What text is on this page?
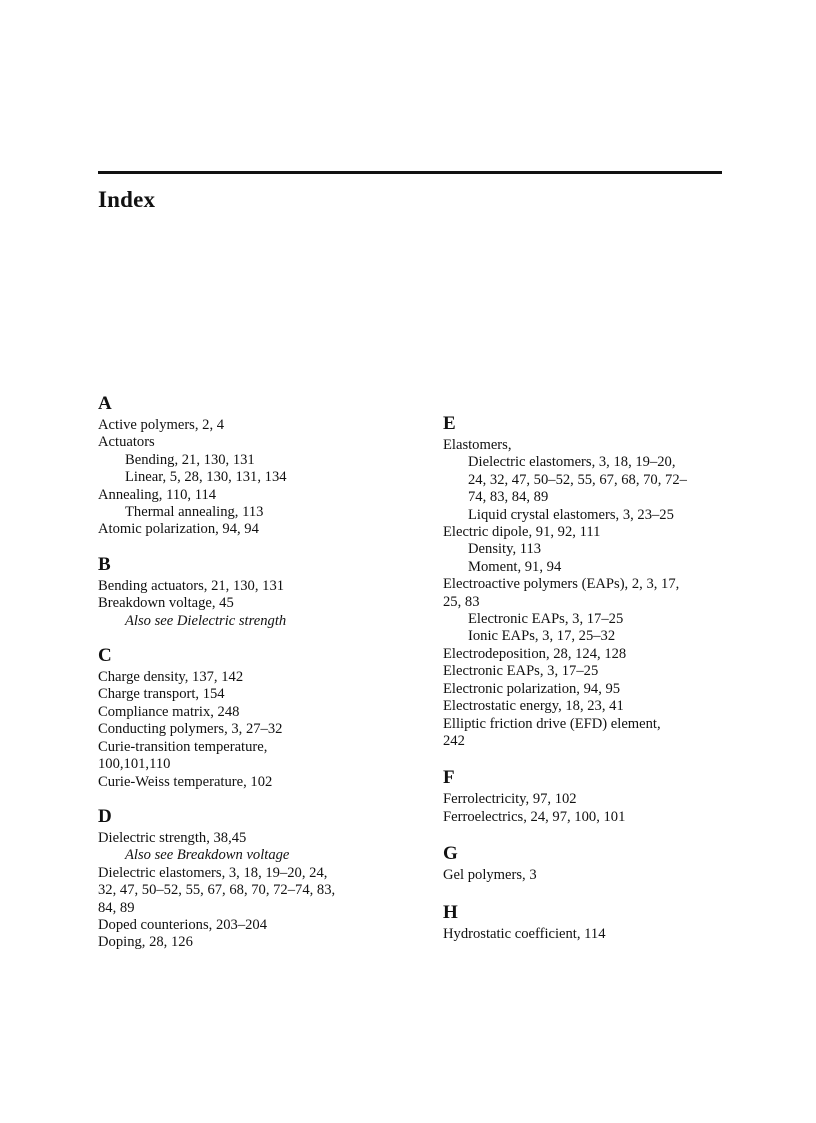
Index
A
Active polymers, 2, 4
Actuators
Bending, 21, 130, 131
Linear, 5, 28, 130, 131, 134
Annealing, 110, 114
Thermal annealing, 113
Atomic polarization, 94, 94
B
Bending actuators, 21, 130, 131
Breakdown voltage, 45
Also see Dielectric strength
C
Charge density, 137, 142
Charge transport, 154
Compliance matrix, 248
Conducting polymers, 3, 27–32
Curie-transition temperature,
100,101,110
Curie-Weiss temperature, 102
D
Dielectric strength, 38,45
Also see Breakdown voltage
Dielectric elastomers, 3, 18, 19–20, 24,
32, 47, 50–52, 55, 67, 68, 70, 72–74, 83,
84, 89
Doped counterions, 203–204
Doping, 28, 126
E
Elastomers,
Dielectric elastomers, 3, 18, 19–20,
24, 32, 47, 50–52, 55, 67, 68, 70, 72–
74, 83, 84, 89
Liquid crystal elastomers, 3, 23–25
Electric dipole, 91, 92, 111
Density, 113
Moment, 91, 94
Electroactive polymers (EAPs), 2, 3, 17,
25, 83
Electronic EAPs, 3, 17–25
Ionic EAPs, 3, 17, 25–32
Electrodeposition, 28, 124, 128
Electronic EAPs, 3, 17–25
Electronic polarization, 94, 95
Electrostatic energy, 18, 23, 41
Elliptic friction drive (EFD) element,
242
F
Ferrolectricity, 97, 102
Ferroelectrics, 24, 97, 100, 101
G
Gel polymers, 3
H
Hydrostatic coefficient, 114
